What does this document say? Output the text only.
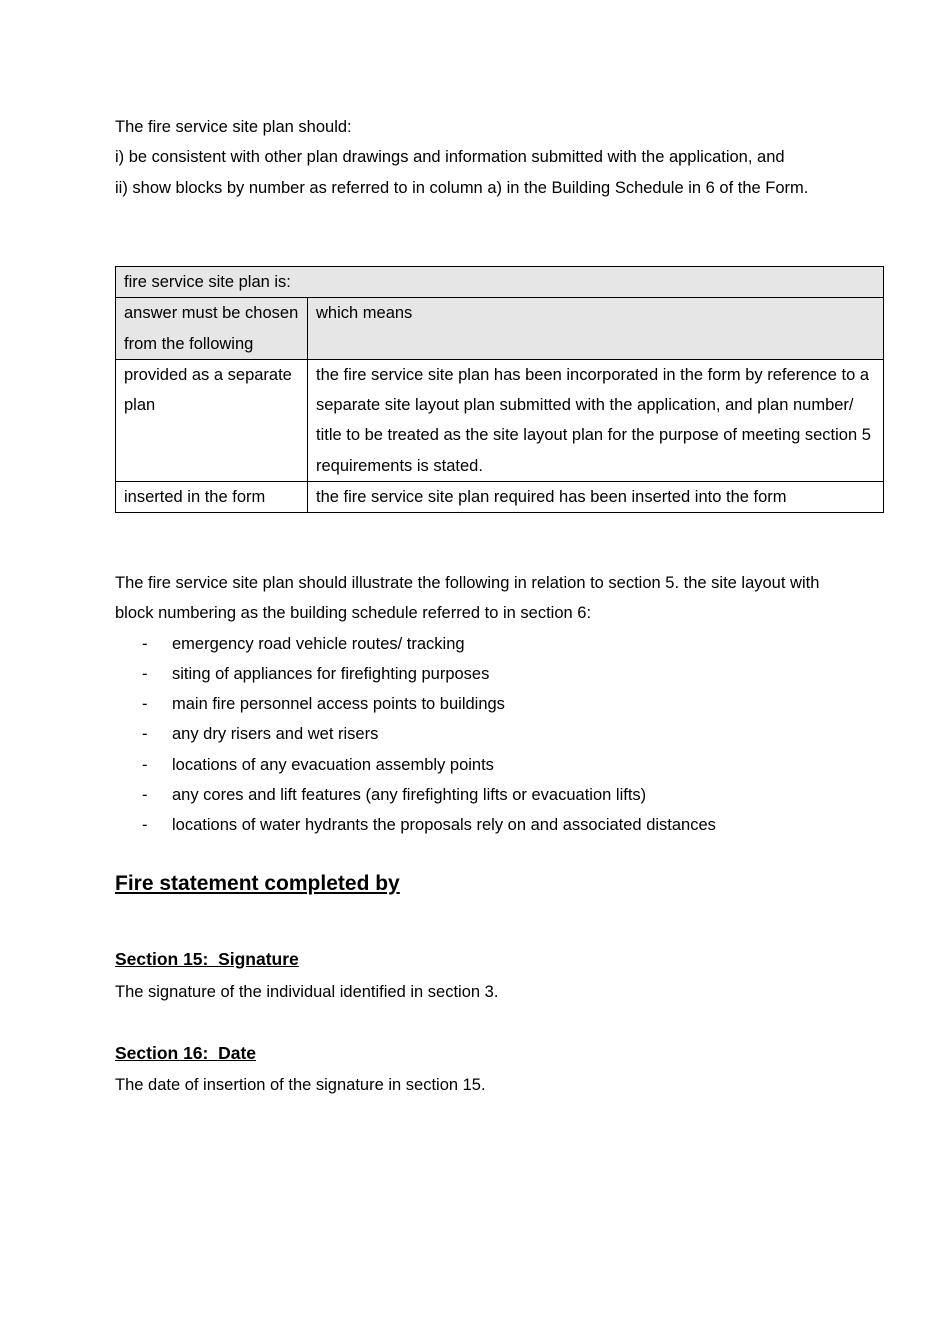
The fire service site plan should:

i) be consistent with other plan drawings and information submitted with the application, and

ii) show blocks by number as referred to in column a) in the Building Schedule in 6 of the Form.

fire service site plan is:	
answer must be chosen from the following	which means
provided as a separate plan	the fire service site plan has been incorporated in the form by reference to a separate site layout plan submitted with the application, and plan number/ title to be treated as the site layout plan for the purpose of meeting section 5 requirements is stated.
inserted in the form	the fire service site plan required has been inserted into the form

The fire service site plan should illustrate the following in relation to section 5. the site layout with block numbering as the building schedule referred to in section 6:

- emergency road vehicle routes/ tracking
- siting of appliances for firefighting purposes
- main fire personnel access points to buildings
- any dry risers and wet risers
- locations of any evacuation assembly points
- any cores and lift features (any firefighting lifts or evacuation lifts)
- locations of water hydrants the proposals rely on and associated distances
Fire statement completed by
Section 15:  Signature

The signature of the individual identified in section 3.

Section 16:  Date

The date of insertion of the signature in section 15.
